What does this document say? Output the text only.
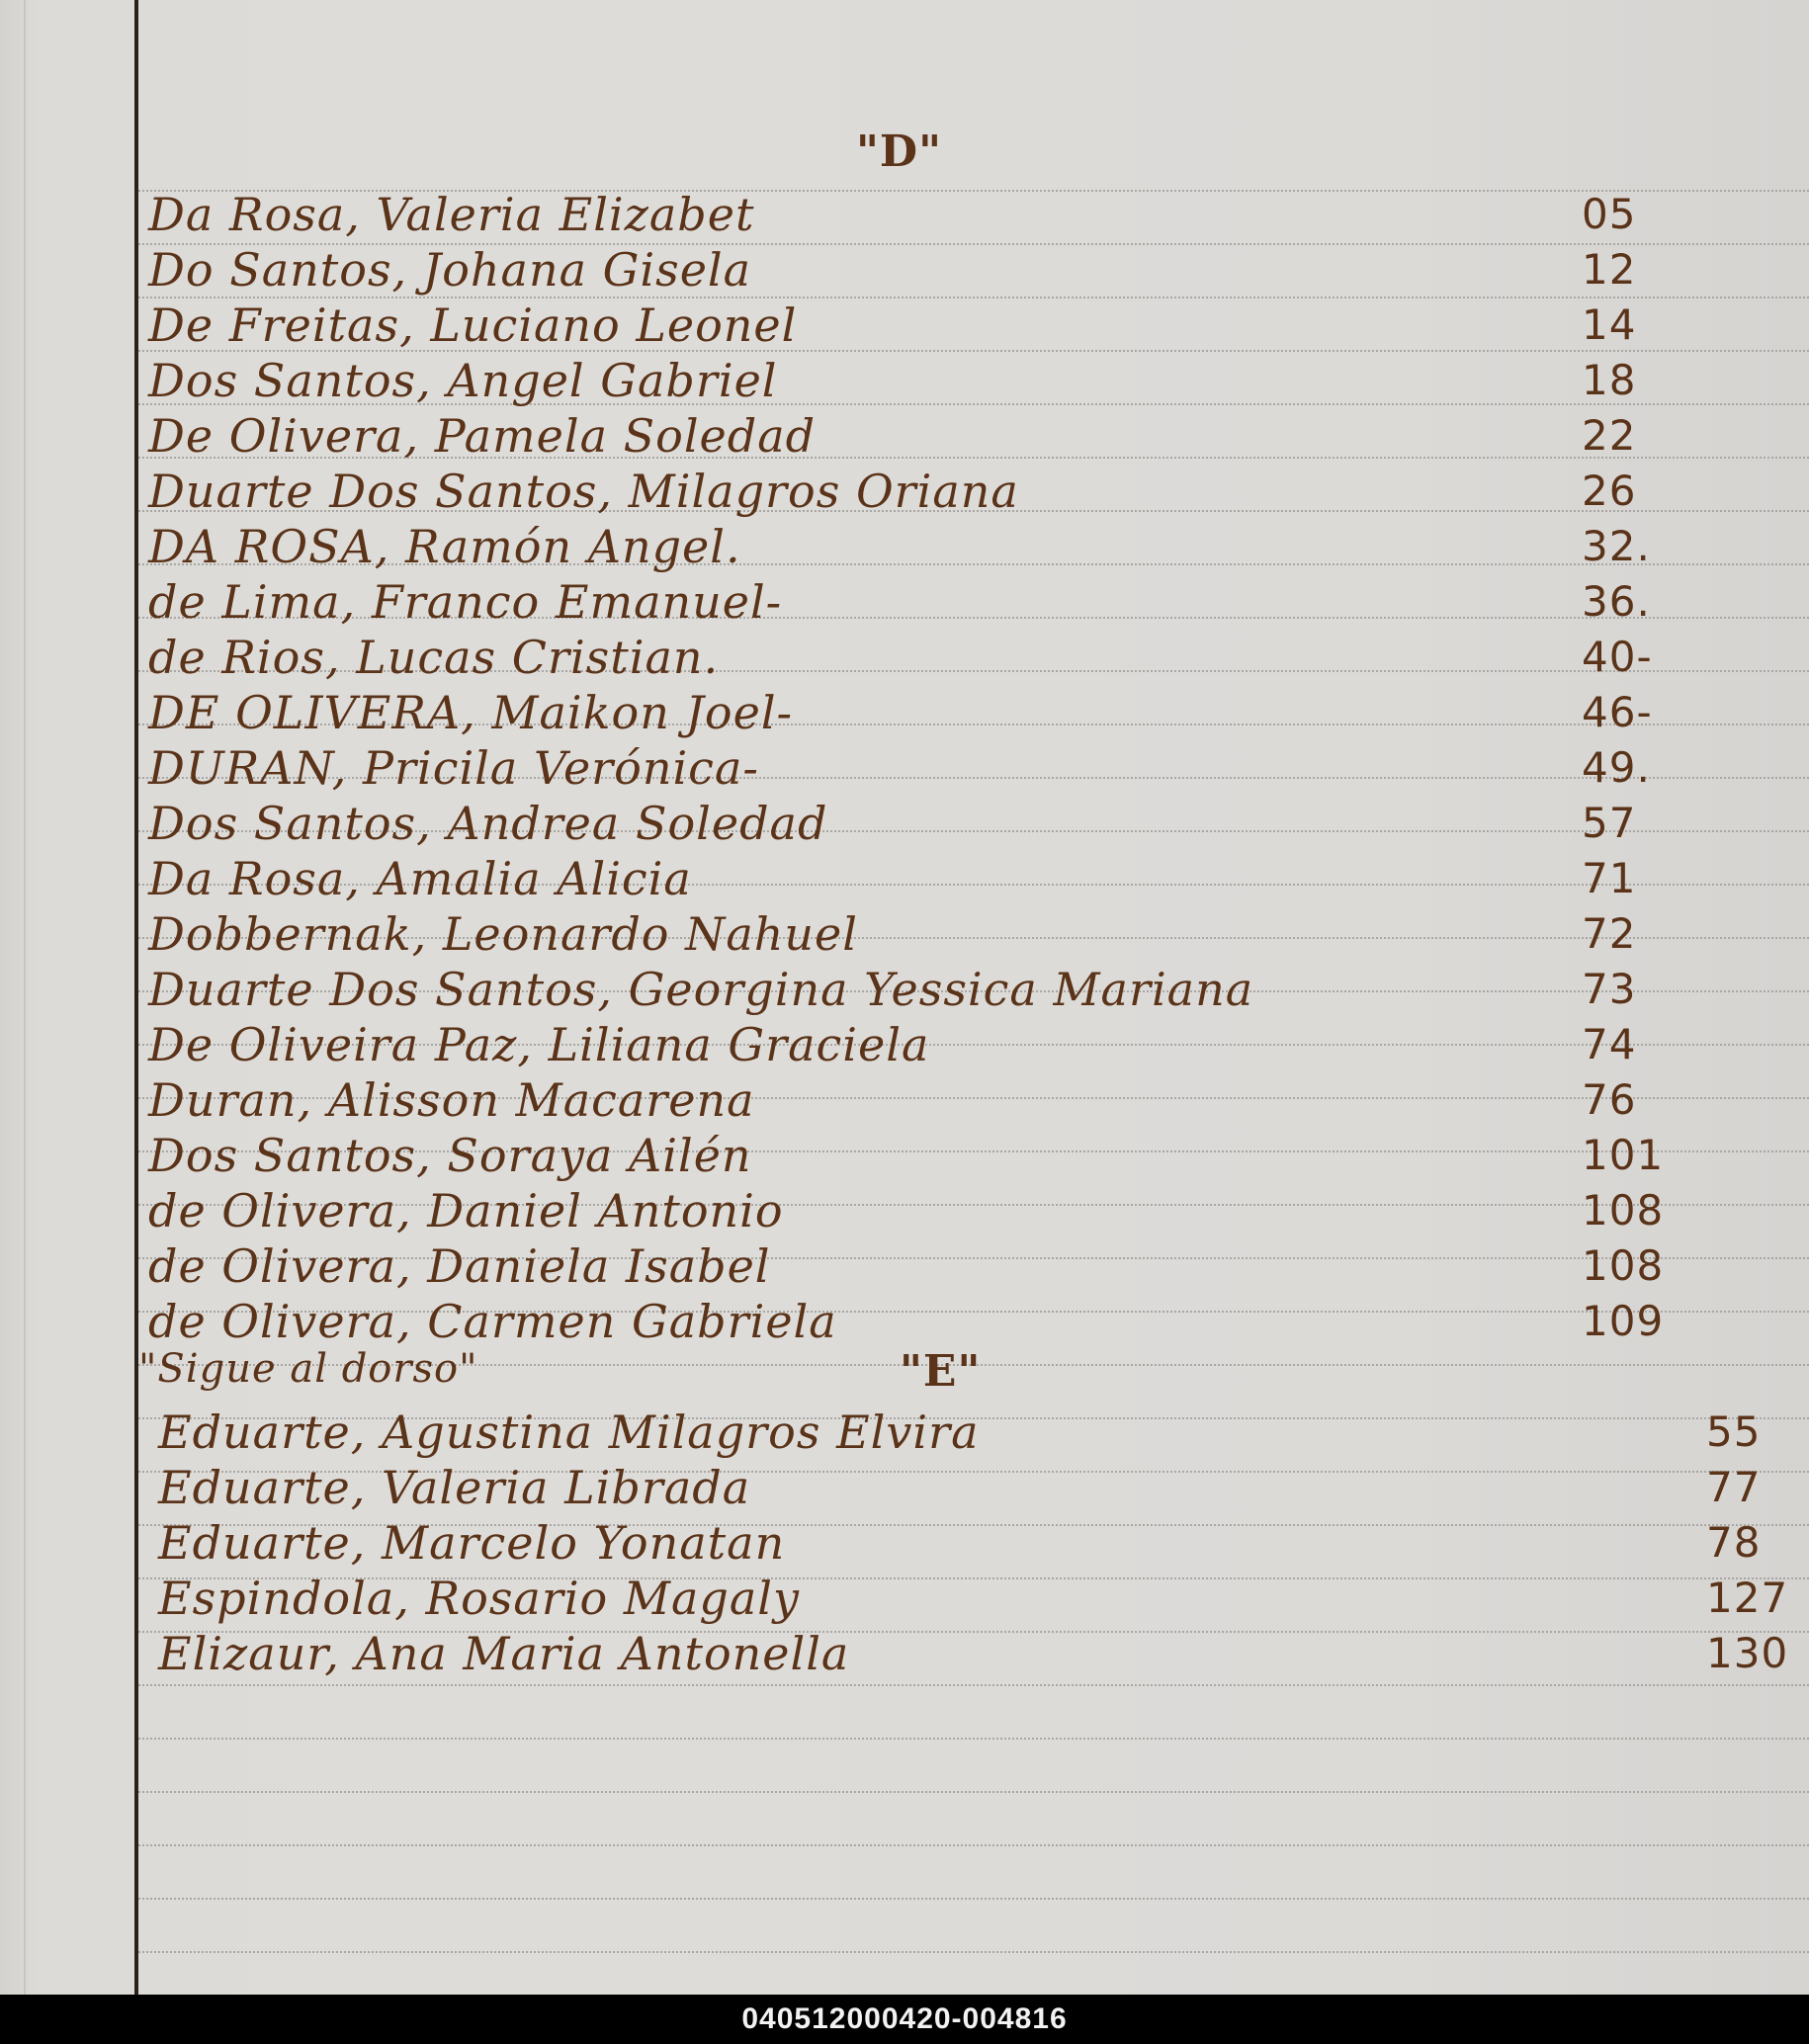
"D"
Da Rosa, Valeria Elizabet	05
Do Santos, Johana Gisela	12
De Freitas, Luciano Leonel	14
Dos Santos, Angel Gabriel	18
De Olivera, Pamela Soledad	22
Duarte Dos Santos, Milagros Oriana	26
DA ROSA, Ramón Angel.	32.
de Lima, Franco Emanuel-	36.
de Rios, Lucas Cristian.	40-
DE OLIVERA, Maikon Joel-	46-
DURAN, Pricila Verónica-	49.
Dos Santos, Andrea Soledad	57
Da Rosa, Amalia Alicia	71
Dobbernak, Leonardo Nahuel	72
Duarte Dos Santos, Georgina Yessica Mariana	73
De Oliveira Paz, Liliana Graciela	74
Duran, Alisson Macarena	76
Dos Santos, Soraya Ailén	101
de Olivera, Daniel Antonio	108
de Olivera, Daniela Isabel	108
de Olivera, Carmen Gabriela	109
"Sigue al dorso"	"E"
Eduarte, Agustina Milagros Elvira	55
Eduarte, Valeria Librada	77
Eduarte, Marcelo Yonatan	78
Espindola, Rosario Magaly	127
Elizaur, Ana Maria Antonella	130
040512000420-004816
